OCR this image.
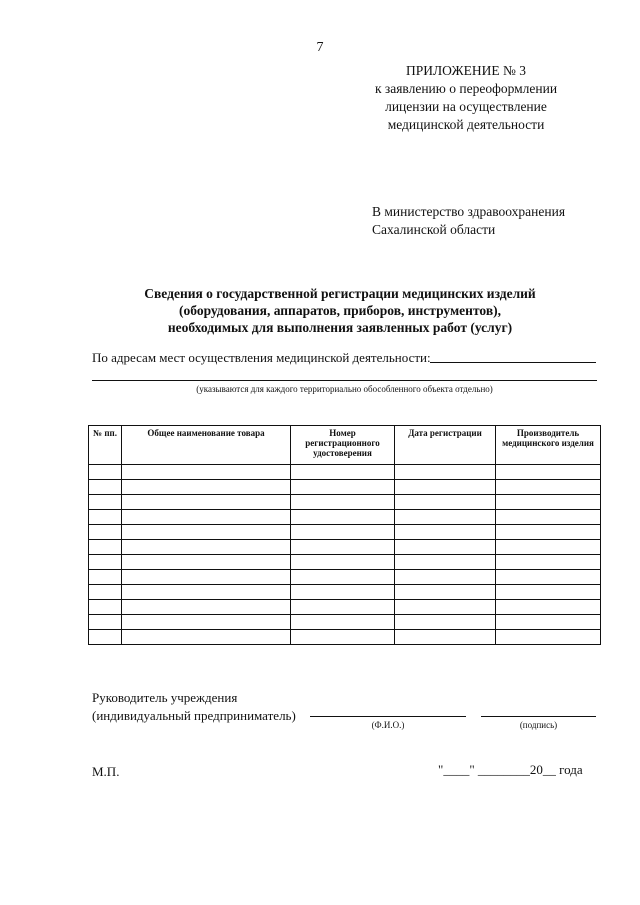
7
ПРИЛОЖЕНИЕ № 3
к заявлению о переоформлении
лицензии на осуществление
медицинской деятельности
В министерство здравоохранения
Сахалинской области
Сведения о государственной регистрации медицинских изделий
(оборудования, аппаратов, приборов, инструментов),
необходимых для выполнения заявленных работ (услуг)
По адресам мест осуществления медицинской деятельности:
(указываются для каждого территориально обособленного объекта отдельно)
№ пп.	Общее наименование товара	Номер регистрационного удостоверения	Дата регистрации	Производитель медицинского изделия

Руководитель учреждения
(индивидуальный предприниматель)
(Ф.И.О.)	(подпись)
М.П.	"____" ________20__ года
